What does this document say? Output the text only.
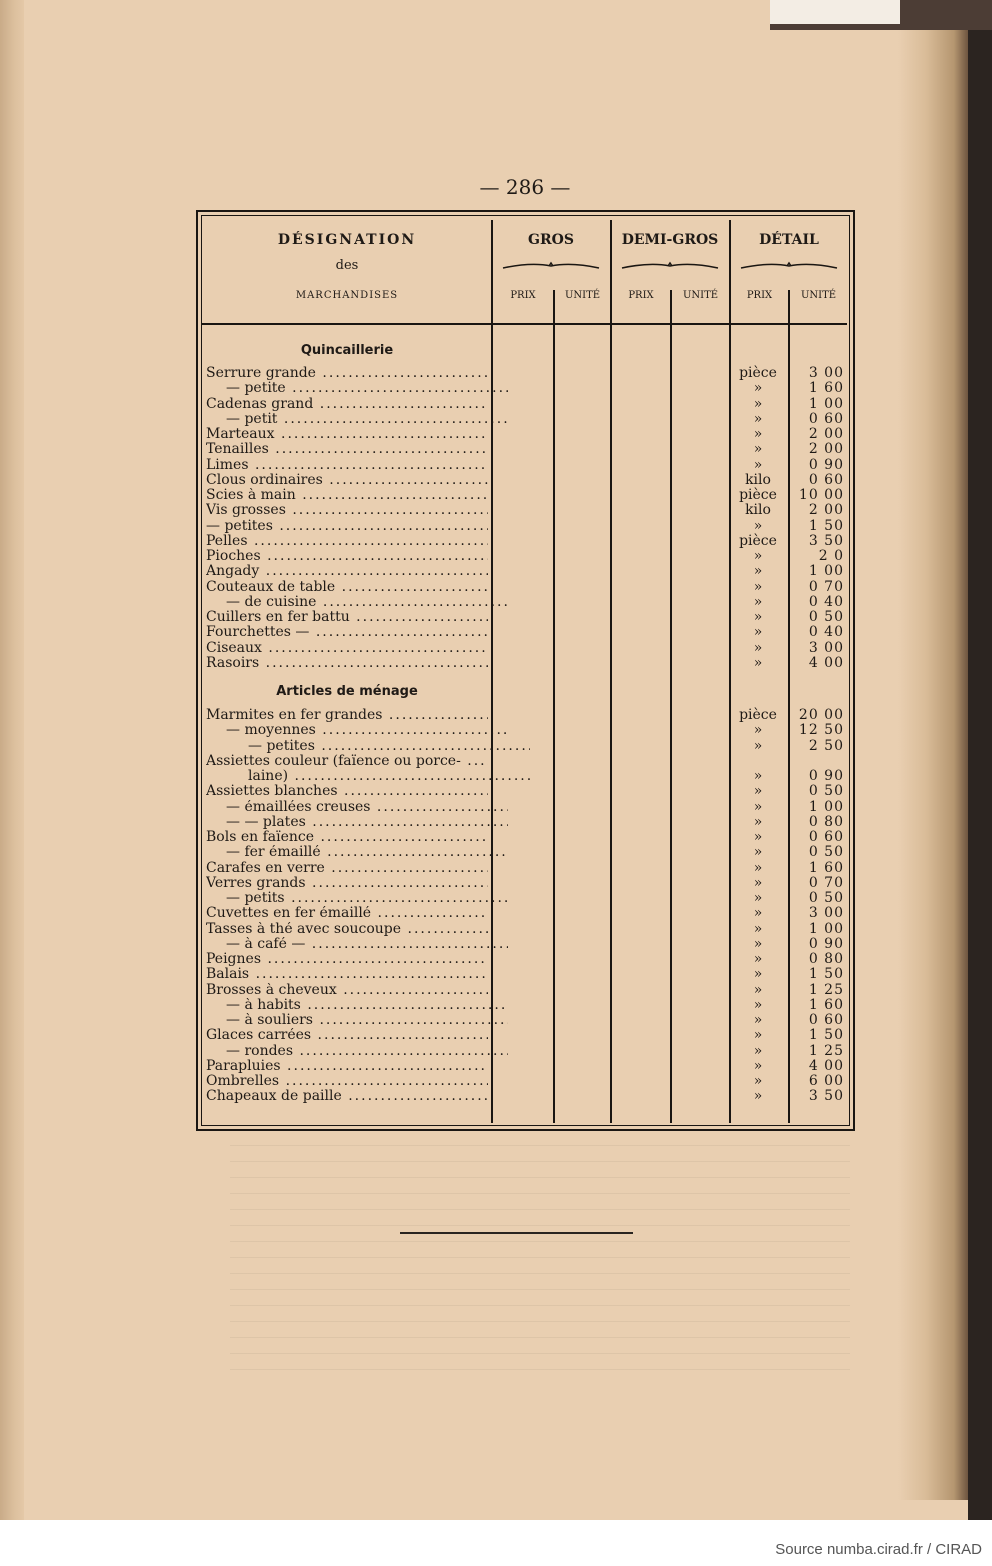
— 286 —
DÉSIGNATION
des
MARCHANDISES
GROS	DEMI-GROS	DÉTAIL
PRIX	UNITÉ	PRIX	UNITÉ	PRIX	UNITÉ
Quincaillerie
Serrure grande .....	pièce	3 00
— petite .....	»	1 60
Cadenas grand .....	»	1 00
— petit .....	»	0 60
Marteaux .....	»	2 00
Tenailles .....	»	2 00
Limes .....	»	0 90
Clous ordinaires .....	kilo	0 60
Scies à main .....	pièce	10 00
Vis grosses .....	kilo	2 00
— petites .....	»	1 50
Pelles .....	pièce	3 50
Pioches .....	»	2 0
Angady .....	»	1 00
Couteaux de table .....	»	0 70
— de cuisine .....	»	0 40
Cuillers en fer battu .....	»	0 50
Fourchettes — .....	»	0 40
Ciseaux .....	»	3 00
Rasoirs .....	»	4 00
Articles de ménage
Marmites en fer grandes .....	pièce	20 00
— moyennes .....	»	12 50
— petites .....	»	2 50
Assiettes couleur (faïence ou porce- .....
laine) .....	»	0 90
Assiettes blanches .....	»	0 50
— émaillées creuses .....	»	1 00
— — plates .....	»	0 80
Bols en faïence .....	»	0 60
— fer émaillé .....	»	0 50
Carafes en verre .....	»	1 60
Verres grands .....	»	0 70
— petits .....	»	0 50
Cuvettes en fer émaillé .....	»	3 00
Tasses à thé avec soucoupe .....	»	1 00
— à café — .....	»	0 90
Peignes .....	»	0 80
Balais .....	»	1 50
Brosses à cheveux .....	»	1 25
— à habits .....	»	1 60
— à souliers .....	»	0 60
Glaces carrées .....	»	1 50
— rondes .....	»	1 25
Parapluies .....	»	4 00
Ombrelles .....	»	6 00
Chapeaux de paille .....	»	3 50
Source numba.cirad.fr / CIRAD
